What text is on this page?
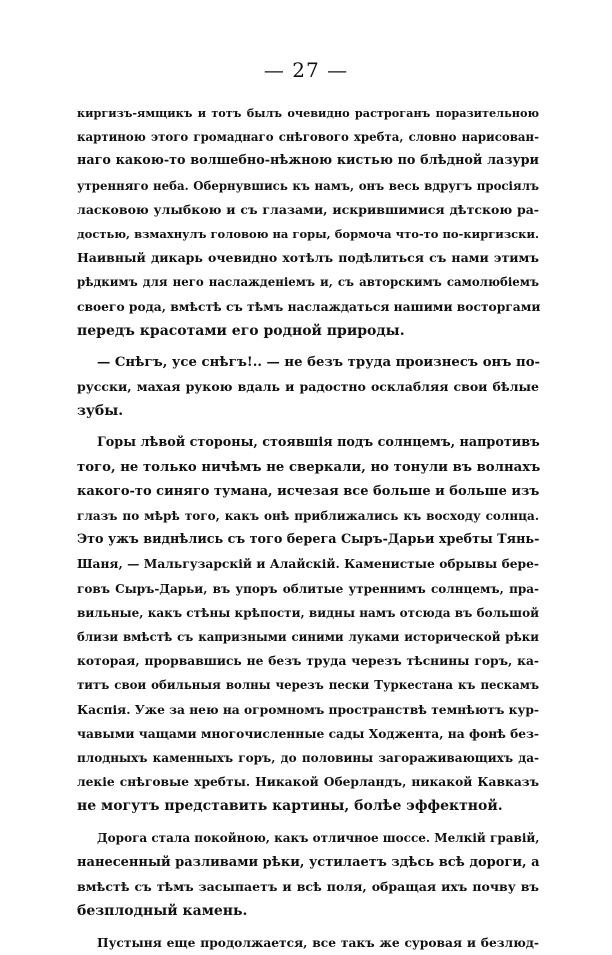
— 27 —
киргизъ-ямщикъ и тотъ былъ очевидно растроганъ поразительною
картиною этого громаднаго снѣгового хребта, словно нарисован-
наго какою-то волшебно-нѣжною кистью по блѣдной лазури
утренняго неба. Обернувшись къ намъ, онъ весь вдругъ просіялъ
ласковою улыбкою и съ глазами, искрившимися дѣтскою ра-
достью, взмахнулъ головою на горы, бормоча что-то по-киргизски.
Наивный дикарь очевидно хотѣлъ подѣлиться съ нами этимъ
рѣдкимъ для него наслажденіемъ и, съ авторскимъ самолюбіемъ
своего рода, вмѣстѣ съ тѣмъ наслаждаться нашими восторгами
передъ красотами его родной природы.
— Снѣгъ, усе снѣгъ!.. — не безъ труда произнесъ онъ по-
русски, махая рукою вдаль и радостно осклабляя свои бѣлые
зубы.
Горы лѣвой стороны, стоявшія подъ солнцемъ, напротивъ
того, не только ничѣмъ не сверкали, но тонули въ волнахъ
какого-то синяго тумана, исчезая все больше и больше изъ
глазъ по мѣрѣ того, какъ онѣ приближались къ восходу солнца.
Это ужъ виднѣлись съ того берега Сыръ-Дарьи хребты Тянь-
Шаня, — Мальгузарскій и Алайскій. Каменистые обрывы бере-
говъ Сыръ-Дарьи, въ упоръ облитые утреннимъ солнцемъ, пра-
вильные, какъ стѣны крѣпости, видны намъ отсюда въ большой
близи вмѣстѣ съ капризными синими луками исторической рѣки
которая, прорвавшись не безъ труда черезъ тѣснины горъ, ка-
титъ свои обильныя волны черезъ пески Туркестана къ пескамъ
Каспія. Уже за нею на огромномъ пространствѣ темнѣютъ кур-
чавыми чащами многочисленные сады Ходжента, на фонѣ без-
плодныхъ каменныхъ горъ, до половины загораживающихъ да-
лекіе снѣговые хребты. Никакой Оберландъ, никакой Кавказъ
не могутъ представить картины, болѣе эффектной.
Дорога стала покойною, какъ отличное шоссе. Мелкій гравій,
нанесенный разливами рѣки, устилаетъ здѣсь всѣ дороги, а
вмѣстѣ съ тѣмъ засыпаетъ и всѣ поля, обращая ихъ почву въ
безплодный камень.
Пустыня еще продолжается, все такъ же суровая и безлюд-
